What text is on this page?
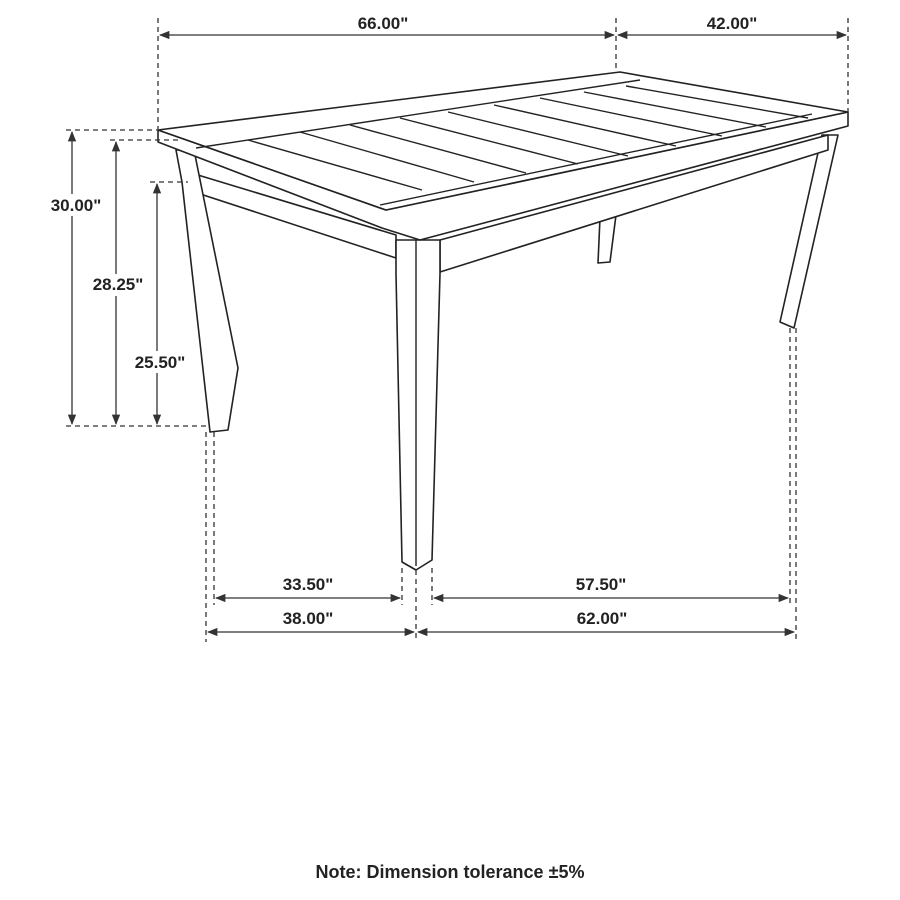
66.00"	42.00"
30.00"
28.25"
25.50"
33.50"	57.50"
38.00"	62.00"
Note: Dimension tolerance ±5%
